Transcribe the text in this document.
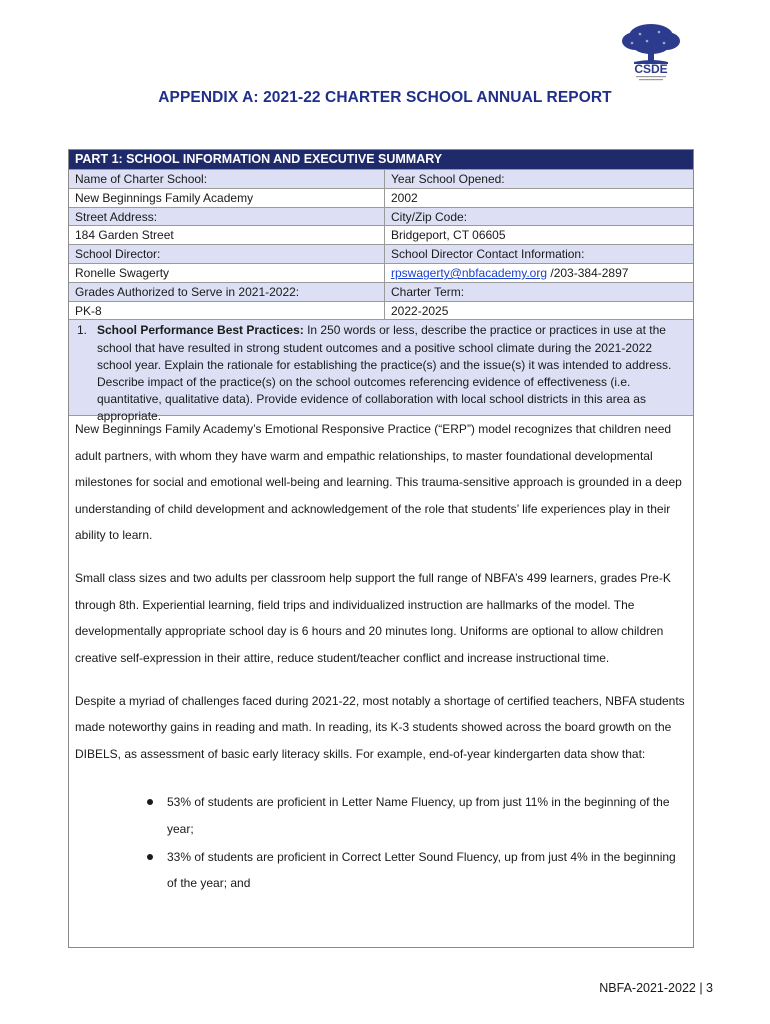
CSDE
APPENDIX A: 2021-22 CHARTER SCHOOL ANNUAL REPORT
PART 1: SCHOOL INFORMATION AND EXECUTIVE SUMMARY
Name of Charter School:	Year School Opened:
New Beginnings Family Academy	2002
Street Address:	City/Zip Code:
184 Garden Street	Bridgeport, CT 06605
School Director:	School Director Contact Information:
Ronelle Swagerty	rpswagerty@nbfacademy.org /203-384-2897
Grades Authorized to Serve in 2021-2022:	Charter Term:
PK-8	2022-2025
1. School Performance Best Practices: In 250 words or less, describe the practice or practices in use at the school that have resulted in strong student outcomes and a positive school climate during the 2021-2022 school year. Explain the rationale for establishing the practice(s) and the issue(s) it was intended to address. Describe impact of the practice(s) on the school outcomes referencing evidence of effectiveness (i.e. quantitative, qualitative data). Provide evidence of collaboration with local school districts in this area as appropriate.

New Beginnings Family Academy’s Emotional Responsive Practice (“ERP”) model recognizes that children need adult partners, with whom they have warm and empathic relationships, to master foundational developmental milestones for social and emotional well-being and learning. This trauma-sensitive approach is grounded in a deep understanding of child development and acknowledgement of the role that students’ life experiences play in their ability to learn.

Small class sizes and two adults per classroom help support the full range of NBFA’s 499 learners, grades Pre-K through 8th. Experiential learning, field trips and individualized instruction are hallmarks of the model. The developmentally appropriate school day is 6 hours and 20 minutes long. Uniforms are optional to allow children creative self-expression in their attire, reduce student/teacher conflict and increase instructional time.

Despite a myriad of challenges faced during 2021-22, most notably a shortage of certified teachers, NBFA students made noteworthy gains in reading and math. In reading, its K-3 students showed across the board growth on the DIBELS, as assessment of basic early literacy skills. For example, end-of-year kindergarten data show that:

53% of students are proficient in Letter Name Fluency, up from just 11% in the beginning of the year;
33% of students are proficient in Correct Letter Sound Fluency, up from just 4% in the beginning of the year; and
NBFA-2021-2022 | 3
